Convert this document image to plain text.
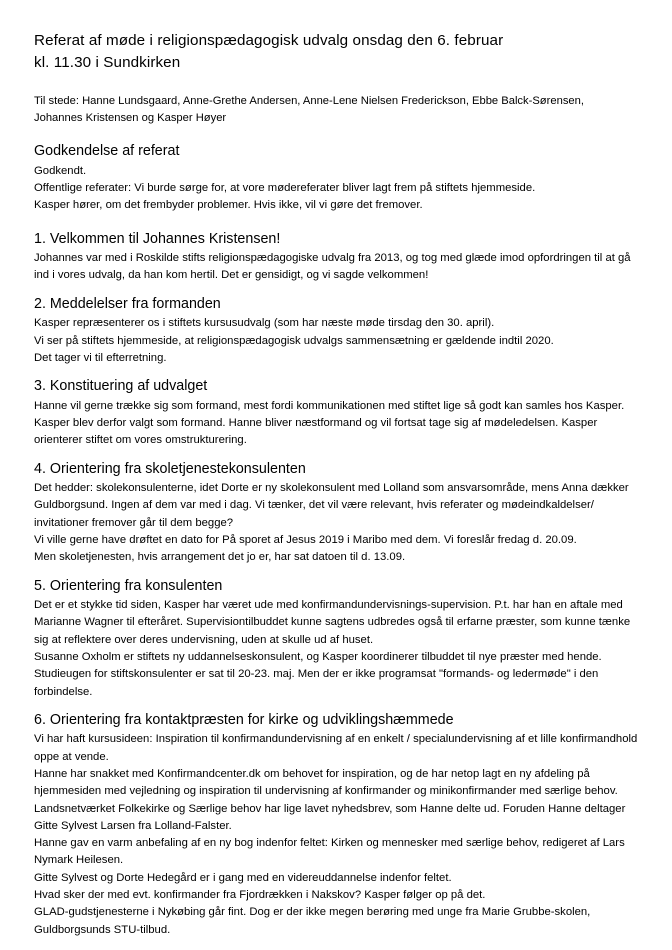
Referat af møde i religionspædagogisk udvalg onsdag den 6. februar
kl. 11.30 i Sundkirken
Til stede: Hanne Lundsgaard, Anne-Grethe Andersen, Anne-Lene Nielsen Frederickson, Ebbe Balck-Sørensen,
Johannes Kristensen og Kasper Høyer
Godkendelse af referat

Godkendt.

Offentlige referater: Vi burde sørge for, at vore mødereferater bliver lagt frem på stiftets hjemmeside.

Kasper hører, om det frembyder problemer. Hvis ikke, vil vi gøre det fremover.

1. Velkommen til Johannes Kristensen!

Johannes var med i Roskilde stifts religionspædagogiske udvalg fra 2013, og tog med glæde imod opfordringen til at gå ind i vores udvalg, da han kom hertil. Det er gensidigt, og vi sagde velkommen!

2. Meddelelser fra formanden

Kasper repræsenterer os i stiftets kursusudvalg (som har næste møde tirsdag den 30. april).

Vi ser på stiftets hjemmeside, at religionspædagogisk udvalgs sammensætning er gældende indtil 2020.

Det tager vi til efterretning.

3. Konstituering af udvalget

Hanne vil gerne trække sig som formand, mest fordi kommunikationen med stiftet lige så godt kan samles hos Kasper. Kasper blev derfor valgt som formand. Hanne bliver næstformand og vil fortsat tage sig af mødeledelsen. Kasper orienterer stiftet om vores omstrukturering.

4. Orientering fra skoletjenestekonsulenten

Det hedder: skolekonsulenterne, idet Dorte er ny skolekonsulent med Lolland som ansvarsområde, mens Anna dækker Guldborgsund. Ingen af dem var med i dag. Vi tænker, det vil være relevant, hvis referater og mødeindkaldelser/ invitationer fremover går til dem begge?

Vi ville gerne have drøftet en dato for På sporet af Jesus 2019 i Maribo med dem. Vi foreslår fredag d. 20.09.

Men skoletjenesten, hvis arrangement det jo er, har sat datoen til d. 13.09.

5. Orientering fra konsulenten

Det er et stykke tid siden, Kasper har været ude med konfirmandundervisnings-supervision. P.t. har han en aftale med Marianne Wagner til efteråret. Supervisiontilbuddet kunne sagtens udbredes også til erfarne præster, som kunne tænke sig at reflektere over deres undervisning, uden at skulle ud af huset.

Susanne Oxholm er stiftets ny uddannelseskonsulent, og Kasper koordinerer tilbuddet til nye præster med hende.

Studieugen for stiftskonsulenter er sat til 20-23. maj. Men der er ikke programsat "formands- og ledermøde" i den forbindelse.

6. Orientering fra kontaktpræsten for kirke og udviklingshæmmede

Vi har haft kursusideen: Inspiration til konfirmandundervisning af en enkelt / specialundervisning af et lille konfirmandhold oppe at vende.

Hanne har snakket med Konfirmandcenter.dk om behovet for inspiration, og de har netop lagt en ny afdeling på hjemmesiden med vejledning og inspiration til undervisning af konfirmander og minikonfirmander med særlige behov.

Landsnetværket Folkekirke og Særlige behov har lige lavet nyhedsbrev, som Hanne delte ud. Foruden Hanne deltager Gitte Sylvest Larsen fra Lolland-Falster.

Hanne gav en varm anbefaling af en ny bog indenfor feltet: Kirken og mennesker med særlige behov, redigeret af Lars Nymark Heilesen.

Gitte Sylvest og Dorte Hedegård er i gang med en videreuddannelse indenfor feltet.

Hvad sker der med evt. konfirmander fra Fjordrækken i Nakskov? Kasper følger op på det.

GLAD-gudstjenesterne i Nykøbing går fint. Dog er der ikke megen berøring med unge fra Marie Grubbe-skolen, Guldborgsunds STU-tilbud.
